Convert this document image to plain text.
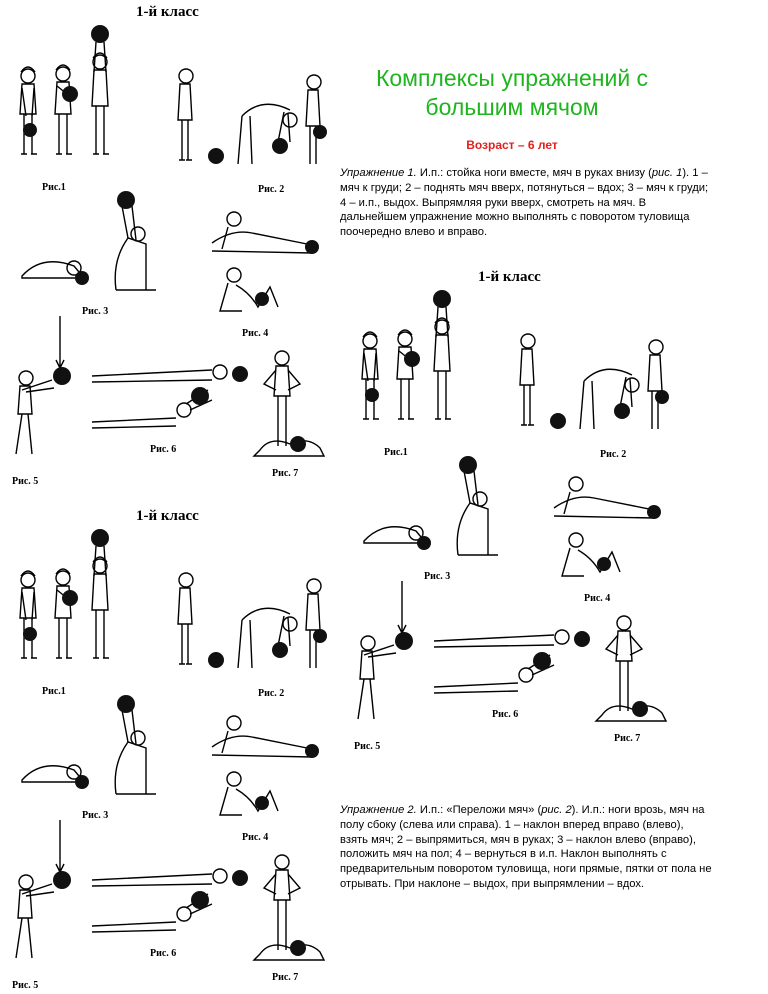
Комплексы упражнений с
большим мячом
Возраст – 6 лет
Упражнение 1. И.п.: стойка ноги вместе, мяч в руках внизу (рис. 1). 1 – мяч к груди; 2 – поднять мяч вверх, потянуться – вдох; 3 – мяч к груди; 4 – и.п., выдох. Выпрямляя руки вверх, смотреть на мяч. В дальнейшем упражнение можно выполнять с поворотом туловища поочередно влево и вправо.
Упражнение 2. И.п.: «Переложи мяч» (рис. 2). И.п.: ноги врозь, мяч на полу сбоку (слева или справа). 1 – наклон вперед вправо (влево), взять мяч; 2 – выпрямиться, мяч в руках; 3 – наклон влево (вправо), положить мяч на пол; 4 – вернуться в и.п. Наклон выполнять с предварительным поворотом туловища, ноги прямые, пятки от пола не отрывать. При наклоне – выдох, при выпрямлении – вдох.
1-й класс
Рис.1	Рис. 2
Рис. 3
Рис. 4
Рис. 5
Рис. 6
Рис. 7
1-й класс
Рис.1	Рис. 2
Рис. 3
Рис. 4
Рис. 5
Рис. 6
Рис. 7
1-й класс
Рис.1	Рис. 2
Рис. 3
Рис. 4
Рис. 5
Рис. 6
Рис. 7
